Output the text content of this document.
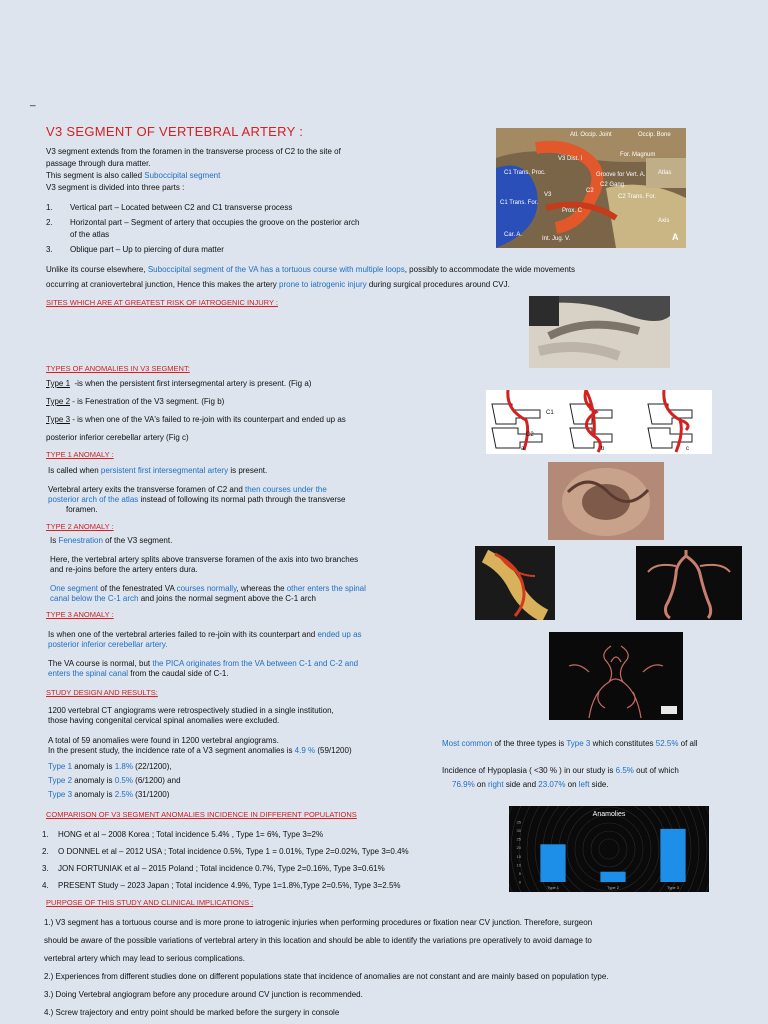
_
V3 SEGMENT OF VERTEBRAL ARTERY :
V3 segment extends from the foramen in the transverse process of C2 to the site of
passage through dura matter.
This segment is also called Suboccipital segment
V3 segment is divided into three parts :
1. Vertical part – Located between C2 and C1 transverse process
2. Horizontal part – Segment of artery that occupies the groove on the posterior arch
of the atlas
3. Oblique part – Up to piercing of dura matter
Atl. Occip. Joint	Occip. Bone
V3 Dist. I
For. Magnum
C1 Trans. Proc.	Groove for Vert. A. Atlas
C2 Gang.
V3
C1 Trans. For.
C2 Trans. For.
Prox. C
C2
Axis
Car. A.
Int. Jug. V.	A
Unlike its course elsewhere, Suboccipital segment of the VA has a tortuous course with multiple loops, possibly to accommodate the wide movements
occurring at craniovertebral junction, Hence this makes the artery prone to iatrogenic injury during surgical procedures around CVJ.
SITES WHICH ARE AT GREATEST RISK OF IATROGENIC INJURY :
TYPES OF ANOMALIES IN V3 SEGMENT:
Type 1 -is when the persistent first intersegmental artery is present. (Fig a)
Type 2 - is Fenestration of the V3 segment. (Fig b)
Type 3 - is when one of the VA's failed to re-join with its counterpart and ended up as
posterior inferior cerebellar artery (Fig c)
C1
C2
a	b	c
TYPE 1 ANOMALY :
Is called when persistent first intersegmental artery is present.
Vertebral artery exits the transverse foramen of C2 and then courses under the
posterior arch of the atlas instead of following its normal path through the transverse
foramen.
TYPE 2 ANOMALY :
Is Fenestration of the V3 segment.
Here, the vertebral artery splits above transverse foramen of the axis into two branches
and re-joins before the artery enters dura.
One segment of the fenestrated VA courses normally, whereas the other enters the spinal
canal below the C-1 arch and joins the normal segment above the C-1 arch
TYPE 3 ANOMALY :
Is when one of the vertebral arteries failed to re-join with its counterpart and ended up as
posterior inferior cerebellar artery.
The VA course is normal, but the PICA originates from the VA between C-1 and C-2 and
enters the spinal canal from the caudal side of C-1.
STUDY DESIGN AND RESULTS:
1200 vertebral CT angiograms were retrospectively studied in a single institution,
those having congenital cervical spinal anomalies were excluded.
A total of 59 anomalies were found in 1200 vertebral angiograms.
In the present study, the incidence rate of a V3 segment anomalies is 4.9 % (59/1200)
Type 1 anomaly is 1.8% (22/1200),
Type 2 anomaly is 0.5% (6/1200) and
Type 3 anomaly is 2.5% (31/1200)
Most common of the three types is Type 3 which constitutes 52.5% of all
Incidence of Hypoplasia ( <30 % ) in our study is 6.5% out of which
76.9% on right side and 23.07% on left side.
COMPARISON OF V3 SEGMENT ANOMALIES INCIDENCE IN DIFFERENT POPULATIONS
1. HONG et al – 2008 Korea ; Total incidence 5.4% , Type 1= 6%, Type 3=2%
2. O DONNEL et al – 2012 USA ; Total incidence 0.5%, Type 1 = 0.01%, Type 2=0.02%, Type 3=0.4%
3. JON FORTUNIAK et al – 2015 Poland ; Total incidence 0.7%, Type 2=0.16%, Type 3=0.61%
4. PRESENT Study – 2023 Japan ; Total incidence 4.9%, Type 1=1.8%,Type 2=0.5%, Type 3=2.5%
Anamolies
0
5
10
15
20
25
30
35
Type 1	Type 2	Type 3
PURPOSE OF THIS STUDY AND CLINICAL IMPLICATIONS :
1.) V3 segment has a tortuous course and is more prone to iatrogenic injuries when performing procedures or fixation near CV junction. Therefore, surgeon
should be aware of the possible variations of vertebral artery in this location and should be able to identify the variations pre operatively to avoid damage to
vertebral artery which may lead to serious complications.
2.) Experiences from different studies done on different populations state that incidence of anomalies are not constant and are mainly based on population type.
3.) Doing Vertebral angiogram before any procedure around CV junction is recommended.
4.) Screw trajectory and entry point should be marked before the surgery in console
